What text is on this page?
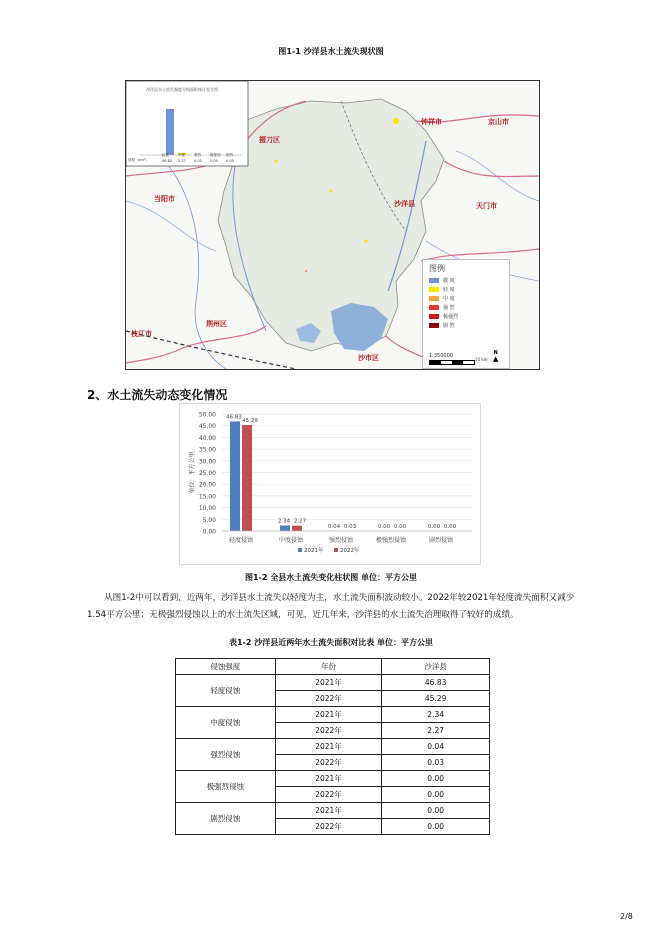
图1-1 沙洋县水土流失现状图
沙洋县水土流失强度分级面积统计直方图
面积（km²）
轻度	中度	强烈	极强烈	剧烈
46.83	2.27	0.03	0.00	0.00
掇刀区
钟祥市	京山市
沙洋县	天门市
当阳市
荆州区
枝江市
沙市区
图例
微 度
轻 度
中 度
强 烈
极强烈
剧 烈
1:350000
10 km
N
▲
2、水土流失动态变化情况
0.00
5.00
10.00
15.00
20.00
25.00
30.00
35.00
40.00
45.00
50.00
单位：平方公里
46.83
45.29
轻度侵蚀
2.34 2.27
中度侵蚀
0.04 0.03
强烈侵蚀
0.00 0.00
极强烈侵蚀
0.00 0.00
剧烈侵蚀
2021年	2022年
图1-2 全县水土流失变化柱状图 单位：平方公里
从图1-2中可以看到，近两年，沙洋县水土流失以轻度为主，水土流失面积波动较小。2022年较2021年轻度流失面积又减少1.54平方公里；无极强烈侵蚀以上的水土流失区域，可见，近几年来，沙洋县的水土流失治理取得了较好的成绩。
表1-2 沙洋县近两年水土流失面积对比表 单位：平方公里
侵蚀强度	年份	沙洋县
轻度侵蚀	2021年	46.83
	2022年	45.29
中度侵蚀	2021年	2.34
	2022年	2.27
强烈侵蚀	2021年	0.04
	2022年	0.03
极强烈侵蚀	2021年	0.00
	2022年	0.00
剧烈侵蚀	2021年	0.00
	2022年	0.00
2/8
